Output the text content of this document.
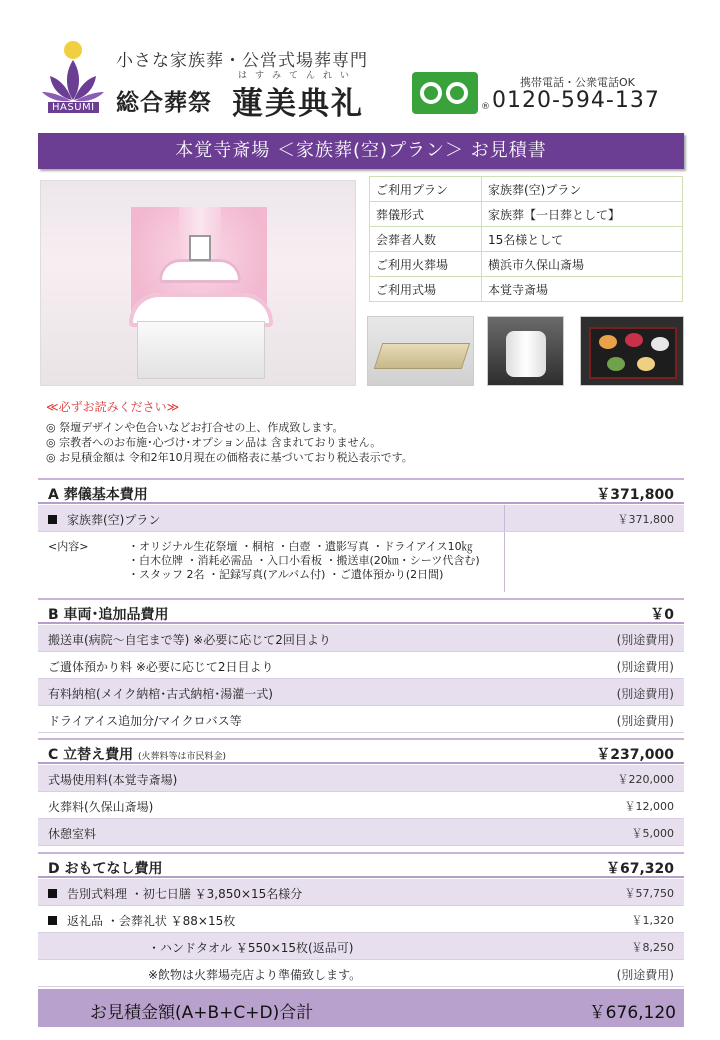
HASUMI
小さな家族葬・公営式場葬専門
総合葬祭
はすみてんれい
蓮美典礼	®
携帯電話・公衆電話OK
0120-594-137
本覚寺斎場 ＜家族葬(空)プラン＞ お見積書
ご利用プラン	家族葬(空)プラン
葬儀形式	家族葬【一日葬として】
会葬者人数	15名様として
ご利用火葬場	横浜市久保山斎場
ご利用式場	本覚寺斎場
≪必ずお読みください≫
◎ 祭壇デザインや色合いなどお打合せの上、作成致します。
◎ 宗教者へのお布施･心づけ･オプション品は 含まれておりません。
◎ お見積金額は 令和2年10月現在の価格表に基づいており税込表示です。
A 葬儀基本費用	￥371,800
家族葬(空)プラン	￥371,800
<内容>	・オリジナル生花祭壇 ・桐棺 ・白壺 ・遺影写真 ・ドライアイス10㎏
・白木位牌 ・消耗必需品 ・入口小看板 ・搬送車(20㎞・シーツ代含む)
・スタッフ 2名 ・記録写真(アルバム付) ・ご遺体預かり(2日間)
B 車両･追加品費用	￥0
搬送車(病院～自宅まで等) ※必要に応じて2回目より	(別途費用)
ご遺体預かり料 ※必要に応じて2日目より	(別途費用)
有料納棺(メイク納棺･古式納棺･湯灌一式)	(別途費用)
ドライアイス追加分/マイクロバス等	(別途費用)
C 立替え費用 (火葬料等は市民料金)	￥237,000
式場使用料(本覚寺斎場)	￥220,000
火葬料(久保山斎場)	￥12,000
休憩室料	￥5,000
D おもてなし費用	￥67,320
告別式料理 ・初七日膳 ￥3,850×15名様分	￥57,750
返礼品 ・会葬礼状 ￥88×15枚	￥1,320
・ハンドタオル ￥550×15枚(返品可)	￥8,250
※飲物は火葬場売店より準備致します。	(別途費用)
お見積金額(A+B+C+D)合計	￥676,120
